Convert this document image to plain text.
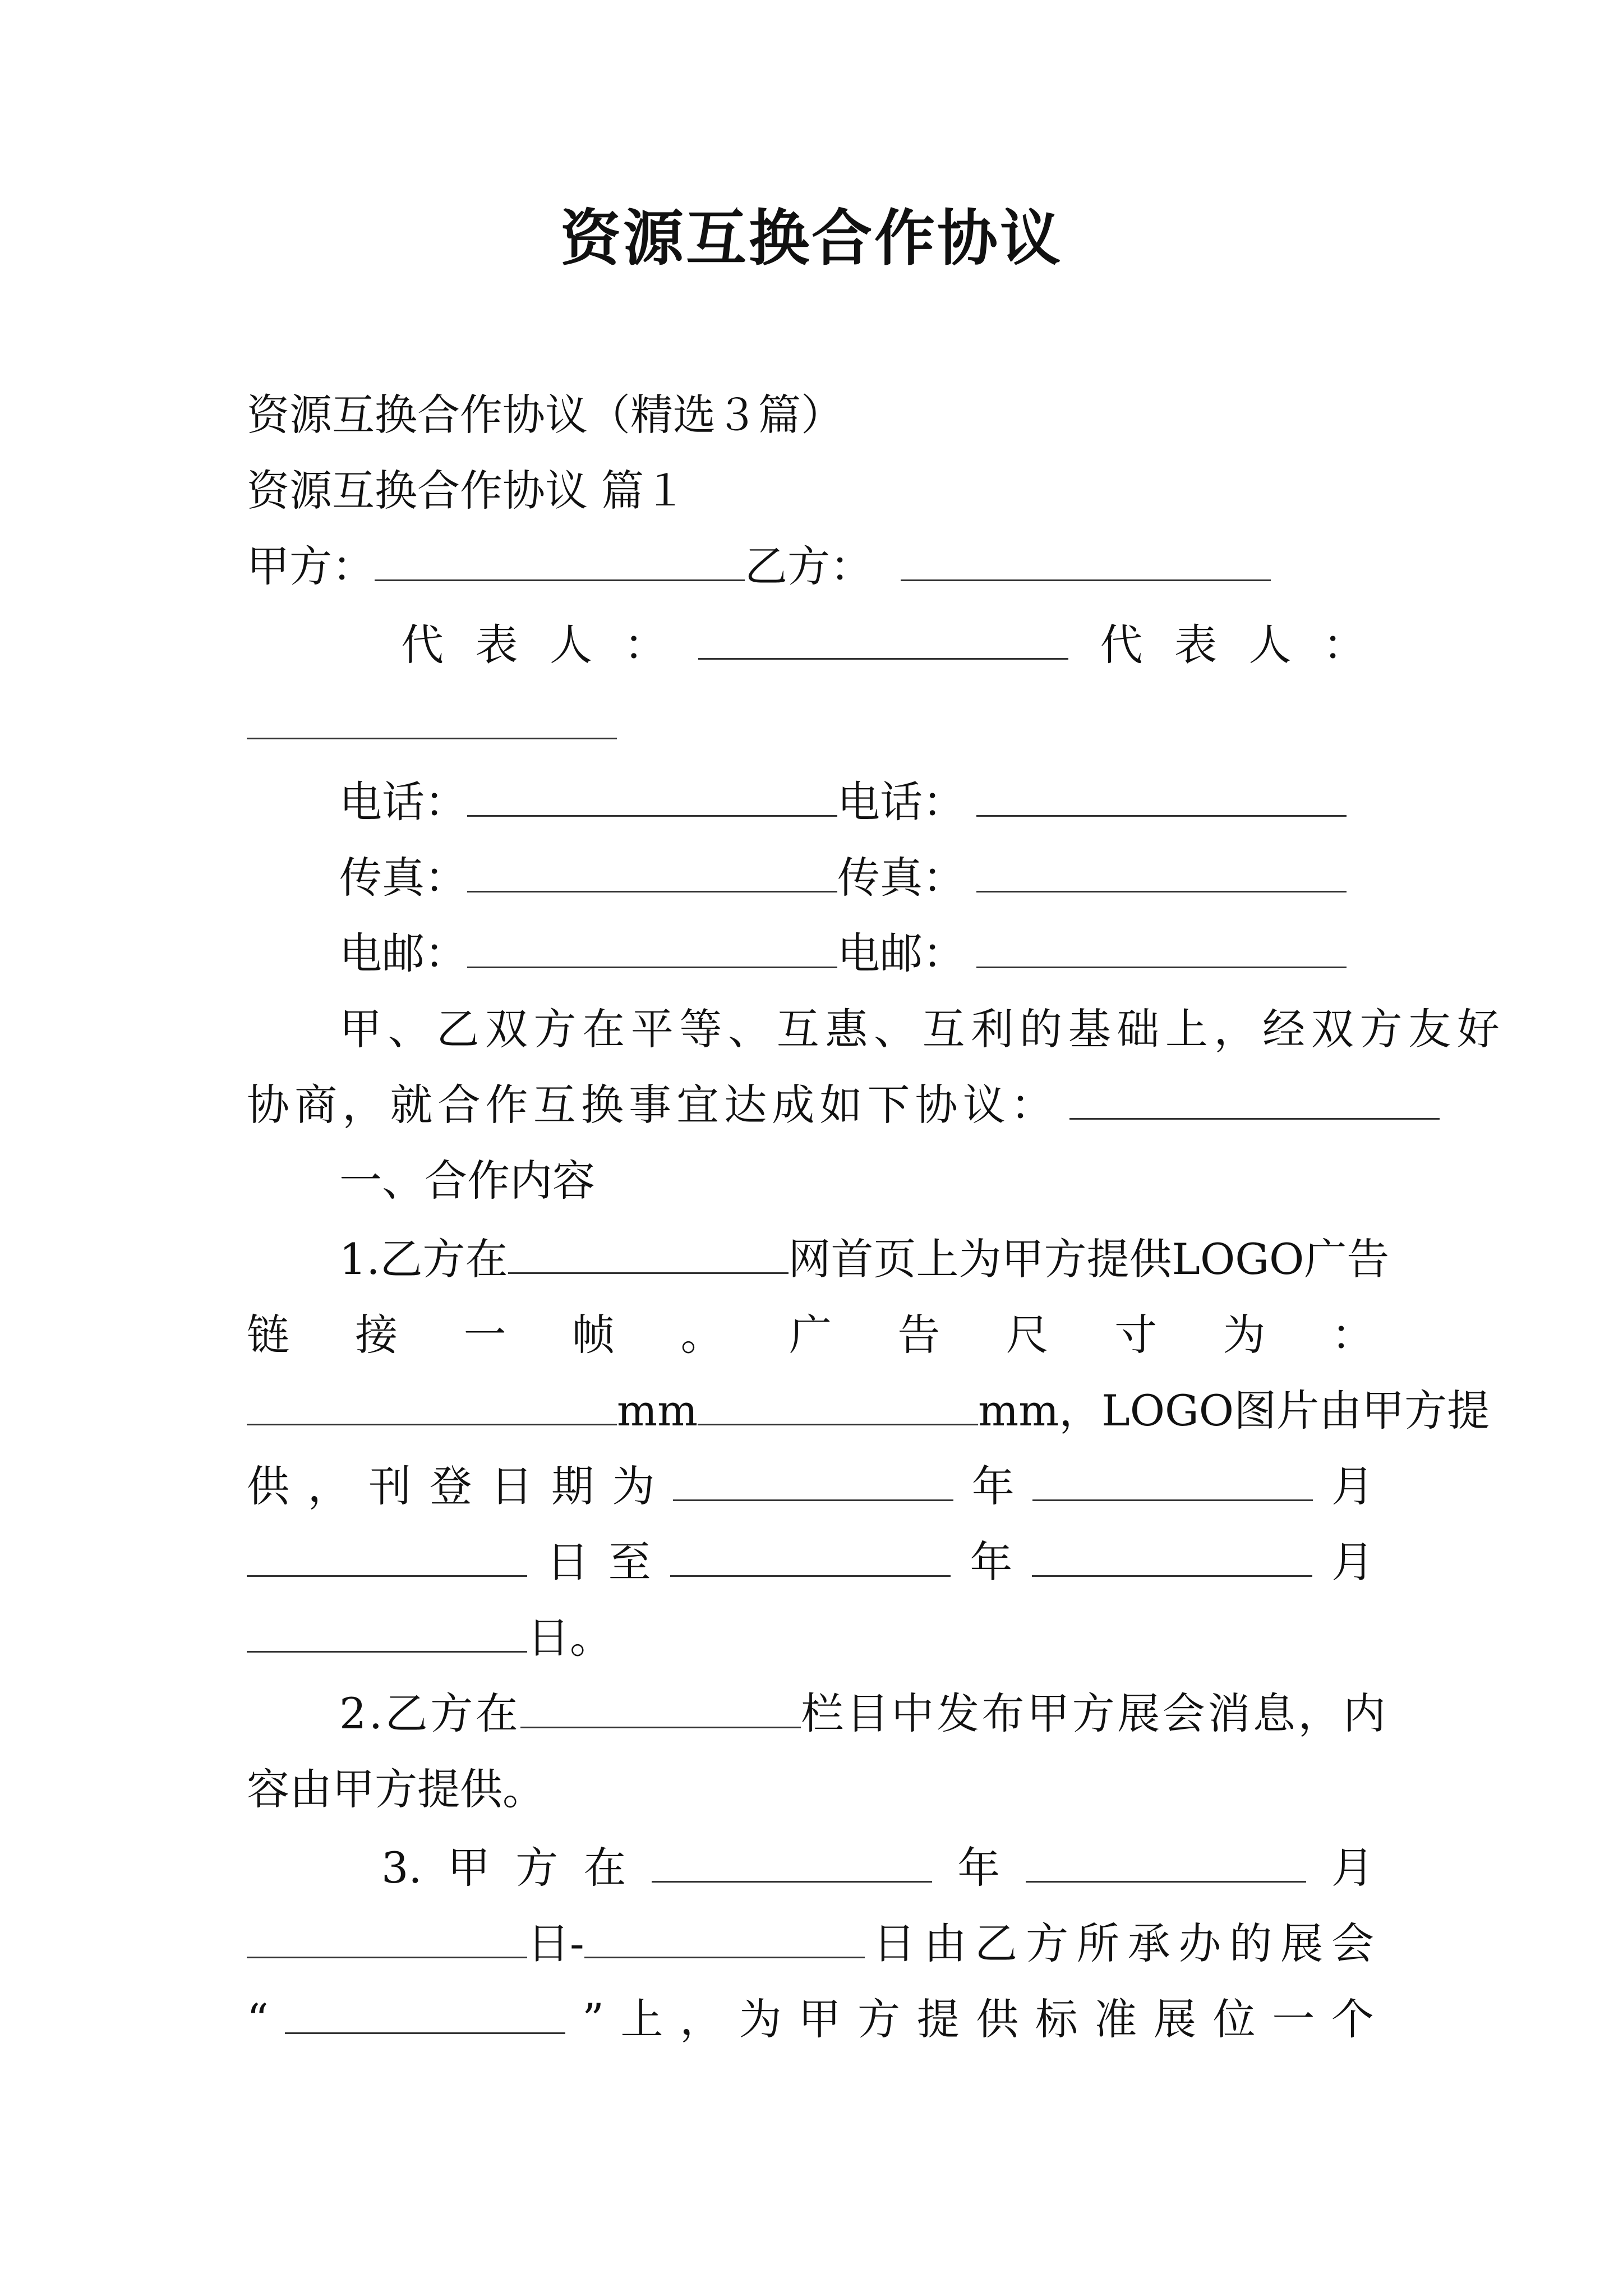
资源互换合作协议
资源互换合作协议（精选３篇）
资源互换合作协议 篇１
甲方：	乙方：
代 表 人 ：	代 表 人 ：
电话：	电话：
传真：	传真：
电邮：	电邮：
甲、乙双方在平等、互惠、互利的基础上，经双方友好
协商，就合作互换事宜达成如下协议：
一、合作内容
1.乙方在	网首页上为甲方提供LOGO广告
链 接 一 帧 。 广 告 尺 寸 为 ：
mm	mm，LOGO图片由甲方提
供 ， 刊 登 日 期 为	年	月
日 至	年	月
日。
2.乙方在	栏目中发布甲方展会消息，内
容由甲方提供。
3. 甲 方 在	年	月
日-	日 由 乙 方 所 承 办 的 展 会
“	” 上 ， 为 甲 方 提 供 标 准 展 位 一 个
